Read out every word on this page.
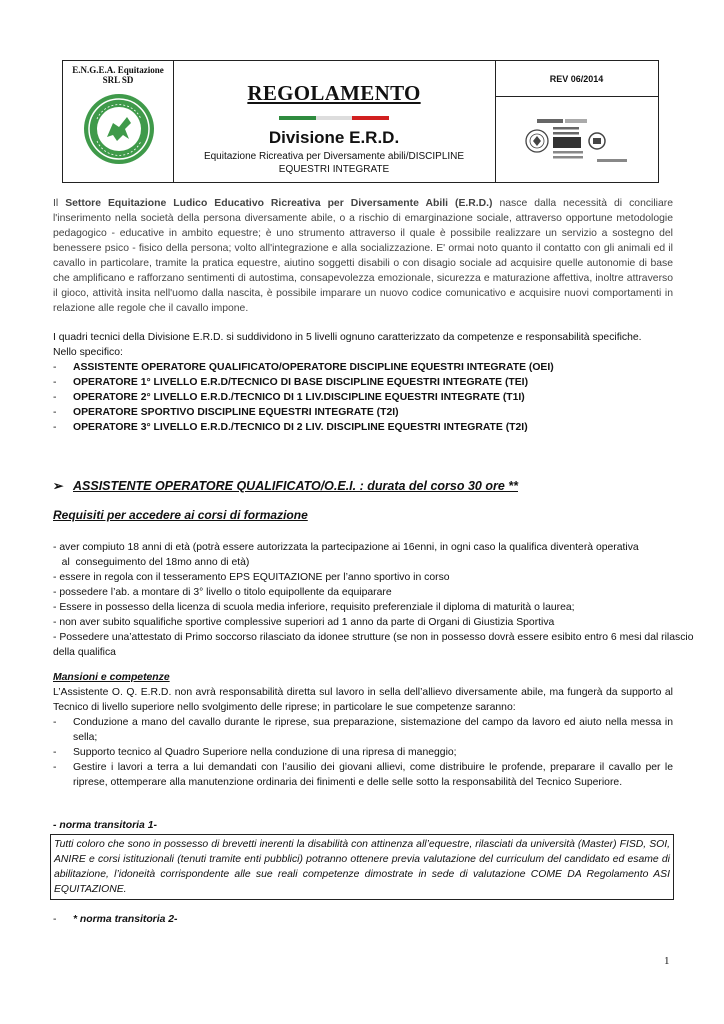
E.N.G.E.A. Equitazione
SRL SD
REGOLAMENTO
Divisione E.R.D.
Equitazione Ricreativa per Diversamente abili/DISCIPLINE EQUESTRI INTEGRATE
REV 06/2014
Il Settore Equitazione Ludico Educativo Ricreativa per Diversamente Abili (E.R.D.) nasce dalla necessità di conciliare l'inserimento nella società della persona diversamente abile, o a rischio di emarginazione sociale, attraverso opportune metodologie pedagogico - educative in ambito equestre; è uno strumento attraverso il quale è possibile realizzare un servizio a sostegno del benessere psico - fisico della persona; volto all'integrazione e alla socializzazione. E' ormai noto quanto il contatto con gli animali ed il cavallo in particolare, tramite la pratica equestre, aiutino soggetti disabili o con disagio sociale ad acquisire quelle autonomie di base che amplificano e rafforzano sentimenti di autostima, consapevolezza emozionale, sicurezza e maturazione affettiva, inoltre attraverso il gioco, attività insita nell'uomo dalla nascita, è possibile imparare un nuovo codice comunicativo e acquisire nuovi comportamenti in relazione alle regole che il cavallo impone.
I quadri tecnici della Divisione E.R.D. si suddividono in 5 livelli ognuno caratterizzato da competenze e responsabilità specifiche.
Nello specifico:
- ASSISTENTE OPERATORE QUALIFICATO/OPERATORE DISCIPLINE EQUESTRI INTEGRATE (OEI)
- OPERATORE 1° LIVELLO E.R.D/TECNICO DI BASE DISCIPLINE EQUESTRI INTEGRATE (TEI)
- OPERATORE 2° LIVELLO E.R.D./TECNICO DI 1 LIV.DISCIPLINE EQUESTRI INTEGRATE (T1I)
- OPERATORE SPORTIVO DISCIPLINE EQUESTRI INTEGRATE (T2I)
- OPERATORE 3° LIVELLO E.R.D./TECNICO DI 2 LIV. DISCIPLINE EQUESTRI INTEGRATE (T2I)
➢ ASSISTENTE OPERATORE QUALIFICATO/O.E.I. : durata del corso 30 ore **
Requisiti per accedere ai corsi di formazione
- aver compiuto 18 anni di età (potrà essere autorizzata la partecipazione ai 16enni, in ogni caso la qualifica diventerà operativa
al  conseguimento del 18mo anno di età)
- essere in regola con il tesseramento EPS EQUITAZIONE per l’anno sportivo in corso
- possedere l’ab. a montare di 3° livello o titolo equipollente da equiparare
- Essere in possesso della licenza di scuola media inferiore, requisito preferenziale il diploma di maturità o laurea;
- non aver subito squalifiche sportive complessive superiori ad 1 anno da parte di Organi di Giustizia Sportiva
- Possedere una’attestato di Primo soccorso rilasciato da idonee strutture (se non in possesso dovrà essere esibito entro 6 mesi dal rilascio della qualifica
Mansioni e competenze
L’Assistente O. Q. E.R.D. non avrà responsabilità diretta sul lavoro in sella dell’allievo diversamente abile, ma fungerà da supporto al Tecnico di livello superiore nello svolgimento delle riprese; in particolare le sue competenze saranno:
- Conduzione a mano del cavallo durante le riprese, sua preparazione, sistemazione del campo da lavoro ed aiuto nella messa in sella;
- Supporto tecnico al Quadro Superiore nella conduzione di una ripresa di maneggio;
- Gestire i lavori a terra a lui demandati con l’ausilio dei giovani allievi, come distribuire le profende, preparare il cavallo per le riprese, ottemperare alla manutenzione ordinaria dei finimenti e delle selle sotto la responsabilità del Tecnico Superiore.
- norma transitoria 1-
Tutti coloro che sono in possesso di brevetti inerenti la disabilità con attinenza all’equestre, rilasciati da università (Master) FISD, SOI, ANIRE e corsi istituzionali (tenuti tramite enti pubblici) potranno ottenere previa valutazione del curriculum del candidato ed esame di abilitazione, l’idoneità corrispondente alle sue reali competenze dimostrate in sede di valutazione COME DA Regolamento ASI EQUITAZIONE.
- * norma transitoria 2-
1
